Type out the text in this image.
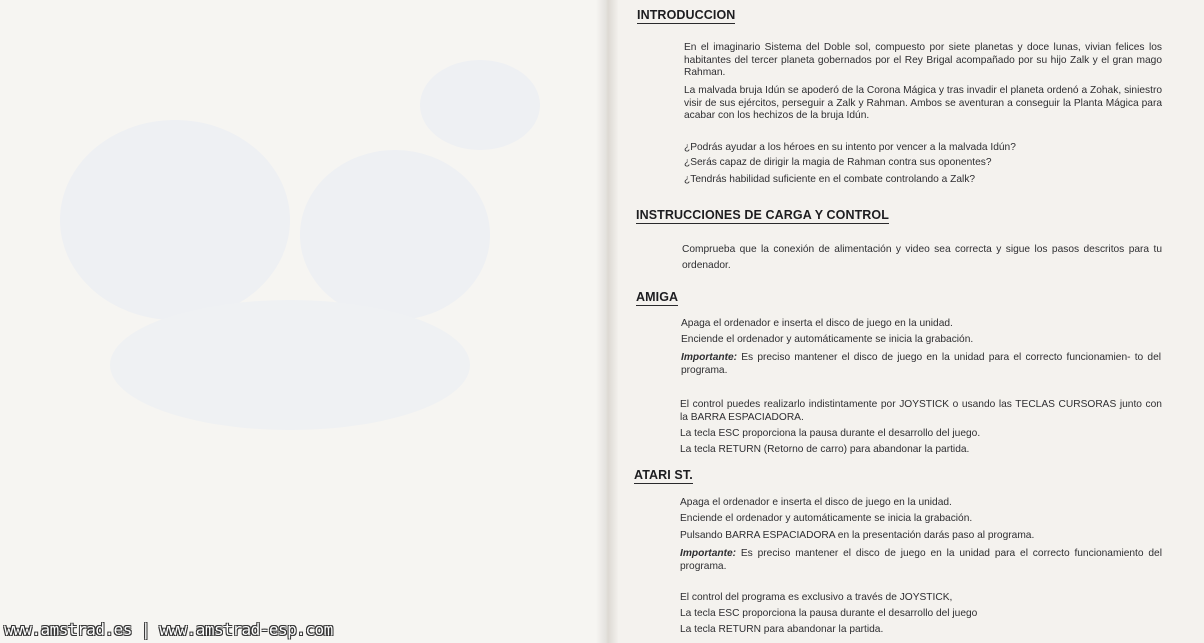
INTRODUCCION

En el imaginario Sistema del Doble sol, compuesto por siete planetas y doce lunas, vivian felices los habitantes del tercer planeta gobernados por el Rey Brigal acompañado por su hijo Zalk y el gran mago Rahman.

La malvada bruja Idún se apoderó de la Corona Mágica y tras invadir el planeta ordenó a Zohak, siniestro visir de sus ejércitos, perseguir a Zalk y Rahman. Ambos se aventuran a conseguir la Planta Mágica para acabar con los hechizos de la bruja Idún.

¿Podrás ayudar a los héroes en su intento por vencer a la malvada Idún?

¿Serás capaz de dirigir la magia de Rahman contra sus oponentes?

¿Tendrás habilidad suficiente en el combate controlando a Zalk?

INSTRUCCIONES DE CARGA Y CONTROL

Comprueba que la conexión de alimentación y video sea correcta y sigue los pasos descritos para tu ordenador.

AMIGA

Apaga el ordenador e inserta el disco de juego en la unidad.

Enciende el ordenador y automáticamente se inicia la grabación.

Importante: Es preciso mantener el disco de juego en la unidad para el correcto funcionamien- to del programa.

El control puedes realizarlo indistintamente por JOYSTICK o usando las TECLAS CURSORAS junto con la BARRA ESPACIADORA.

La tecla ESC proporciona la pausa durante el desarrollo del juego.

La tecla RETURN (Retorno de carro) para abandonar la partida.

ATARI ST.

Apaga el ordenador e inserta el disco de juego en la unidad.

Enciende el ordenador y automáticamente se inicia la grabación.

Pulsando BARRA ESPACIADORA en la presentación darás paso al programa.

Importante: Es preciso mantener el disco de juego en la unidad para el correcto funcionamiento del programa.

El control del programa es exclusivo a través de JOYSTICK,

La tecla ESC proporciona la pausa durante el desarrollo del juego

La tecla RETURN para abandonar la partida.

www.amstrad.es | www.amstrad-esp.com
